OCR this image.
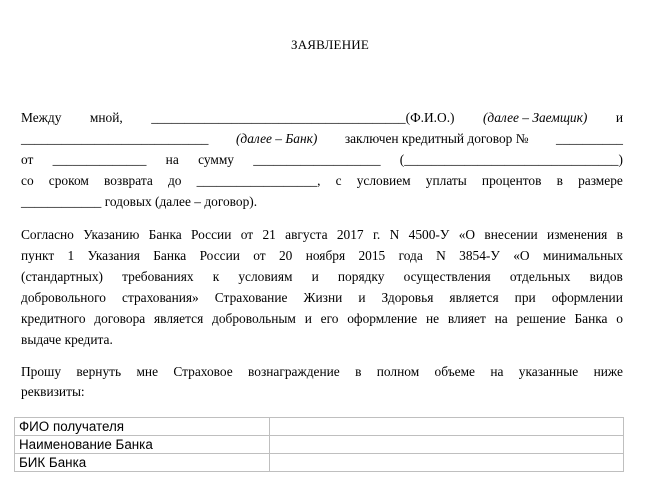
ЗАЯВЛЕНИЕ
Между мной, ______________________________________(Ф.И.О.) (далее – Заемщик) и
____________________________ (далее – Банк) заключен кредитный договор № __________
от ______________ на сумму ___________________ (________________________________)
со сроком возврата до __________________, с условием уплаты процентов в размере
____________ годовых (далее – договор).
Согласно Указанию Банка России от 21 августа 2017 г. N 4500-У «О внесении изменения в
пункт 1 Указания Банка России от 20 ноября 2015 года N 3854-У «О минимальных
(стандартных) требованиях к условиям и порядку осуществления отдельных видов
добровольного страхования» Страхование Жизни и Здоровья является при оформлении
кредитного договора является добровольным и его оформление не влияет на решение Банка о
выдаче кредита.
Прошу вернуть мне Страховое вознаграждение в полном объеме на указанные ниже
реквизиты:
ФИО получателя	
Наименование Банка	
БИК Банка	
